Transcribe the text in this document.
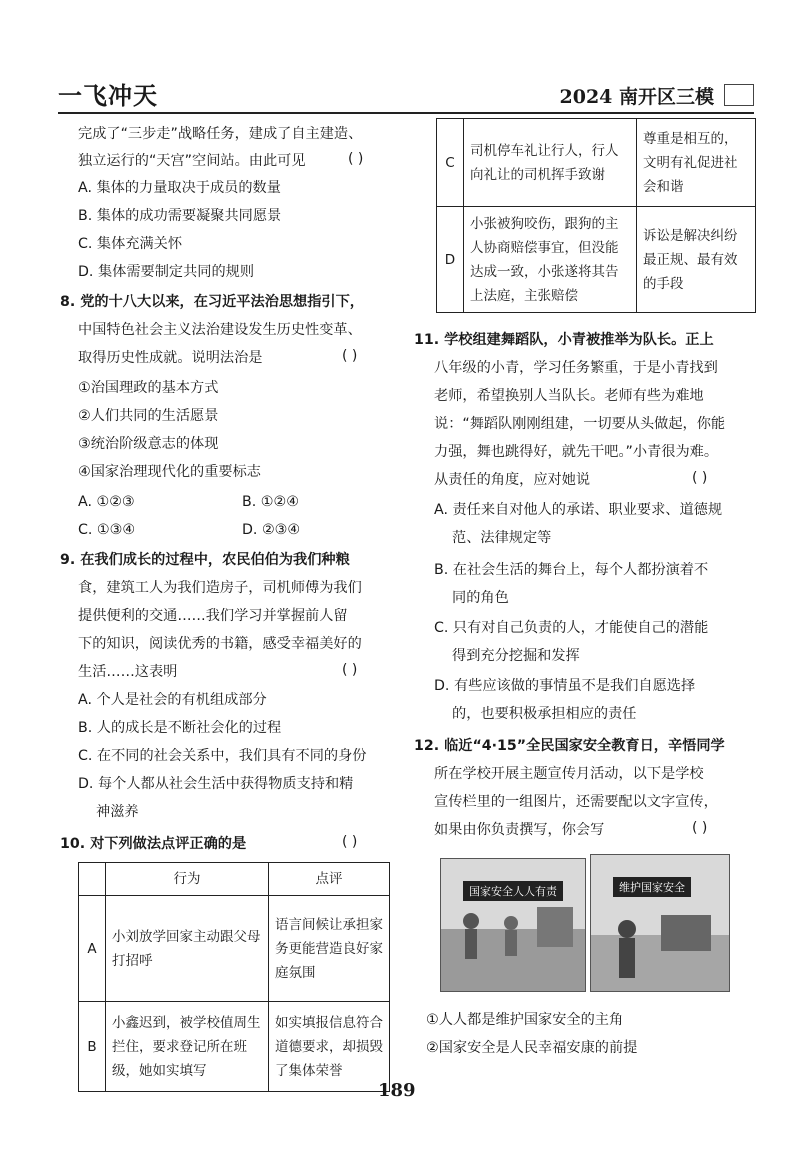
一飞冲天	2024 南开区三模
完成了“三步走”战略任务，建成了自主建造、
独立运行的“天宫”空间站。由此可见	( )
A. 集体的力量取决于成员的数量
B. 集体的成功需要凝聚共同愿景
C. 集体充满关怀
D. 集体需要制定共同的规则
8. 党的十八大以来，在习近平法治思想指引下，
中国特色社会主义法治建设发生历史性变革、
取得历史性成就。说明法治是	( )
①治国理政的基本方式
②人们共同的生活愿景
③统治阶级意志的体现
④国家治理现代化的重要标志
A. ①②③	B. ①②④
C. ①③④	D. ②③④
9. 在我们成长的过程中，农民伯伯为我们种粮
食，建筑工人为我们造房子，司机师傅为我们
提供便利的交通……我们学习并掌握前人留
下的知识，阅读优秀的书籍，感受幸福美好的
生活……这表明	( )
A. 个人是社会的有机组成部分
B. 人的成长是不断社会化的过程
C. 在不同的社会关系中，我们具有不同的身份
D. 每个人都从社会生活中获得物质支持和精
神滋养
10. 对下列做法点评正确的是	( )
	行为	点评
A	小刘放学回家主动跟父母打招呼	语言间候让承担家务更能营造良好家庭氛围
B	小鑫迟到，被学校值周生拦住，要求登记所在班级，她如实填写	如实填报信息符合道德要求，却损毁了集体荣誉
C	司机停车礼让行人，行人向礼让的司机挥手致谢	尊重是相互的，文明有礼促进社会和谐
D	小张被狗咬伤，跟狗的主人协商赔偿事宜，但没能达成一致，小张遂将其告上法庭，主张赔偿	诉讼是解决纠纷最正规、最有效的手段
11. 学校组建舞蹈队，小青被推举为队长。正上
八年级的小青，学习任务繁重，于是小青找到
老师，希望换别人当队长。老师有些为难地
说：“舞蹈队刚刚组建，一切要从头做起，你能
力强，舞也跳得好，就先干吧。”小青很为难。
从责任的角度，应对她说	( )
A. 责任来自对他人的承诺、职业要求、道德规
范、法律规定等
B. 在社会生活的舞台上，每个人都扮演着不
同的角色
C. 只有对自己负责的人，才能使自己的潜能
得到充分挖掘和发挥
D. 有些应该做的事情虽不是我们自愿选择
的，也要积极承担相应的责任
12. 临近“4·15”全民国家安全教育日，辛悟同学
所在学校开展主题宣传月活动，以下是学校
宣传栏里的一组图片，还需要配以文字宣传，
如果由你负责撰写，你会写	( )
国家安全人人有责	维护国家安全
①人人都是维护国家安全的主角
②国家安全是人民幸福安康的前提
189
